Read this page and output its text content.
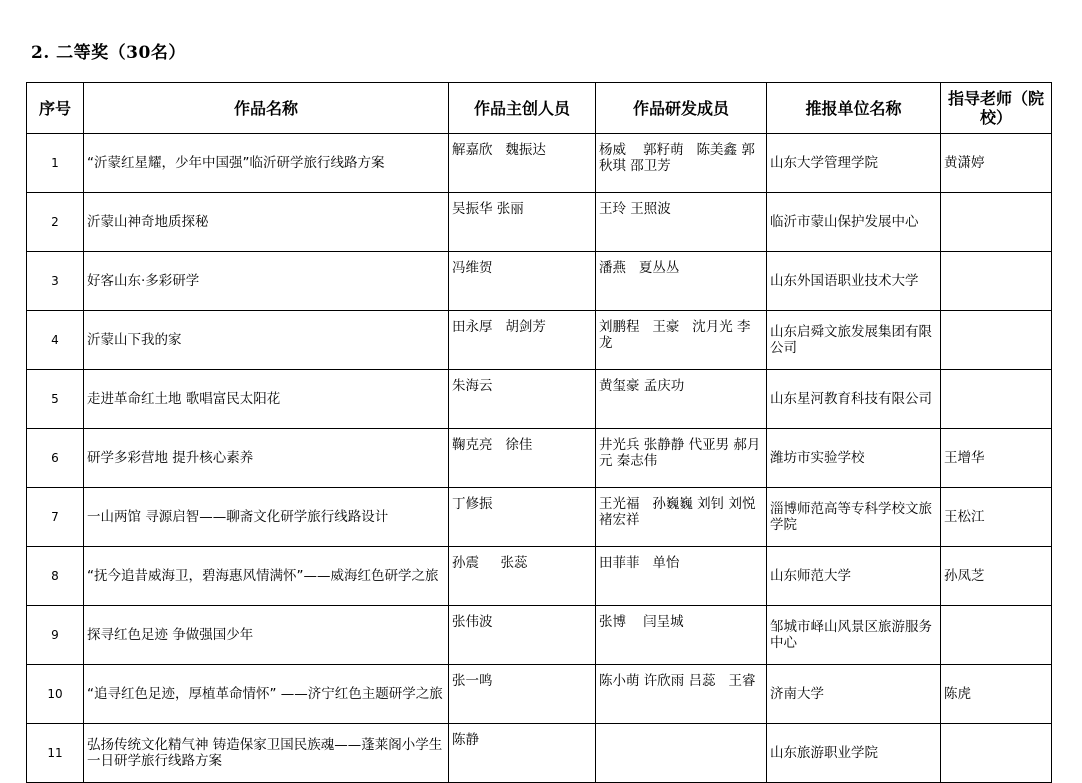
2. 二等奖（30名）
序号	作品名称	作品主创人员	作品研发成员	推报单位名称	指导老师（院校）
1	“沂蒙红星耀，少年中国强”临沂研学旅行线路方案	解嘉欣   魏振达	杨威    郭籽萌   陈美鑫 郭秋琪 邵卫芳	山东大学管理学院	黄潇婷
2	沂蒙山神奇地质探秘	吴振华 张丽	王玲 王照波	临沂市蒙山保护发展中心	
3	好客山东·多彩研学	冯维贺	潘燕   夏丛丛	山东外国语职业技术大学	
4	沂蒙山下我的家	田永厚   胡剑芳	刘鹏程   王豪   沈月光 李龙	山东启舜文旅发展集团有限公司	
5	走进革命红土地 歌唱富民太阳花	朱海云	黄玺豪 孟庆功	山东星河教育科技有限公司	
6	研学多彩营地 提升核心素养	鞠克亮   徐佳	井光兵 张静静 代亚男 郝月元 秦志伟	潍坊市实验学校	王增华
7	一山两馆 寻源启智——聊斋文化研学旅行线路设计	丁修振	王光福   孙巍巍 刘钊 刘悦    褚宏祥	淄博师范高等专科学校文旅学院	王松江
8	“抚今追昔威海卫，碧海惠风情满怀”——威海红色研学之旅	孙震     张蕊	田菲菲   单怡	山东师范大学	孙凤芝
9	探寻红色足迹 争做强国少年	张伟波	张博    闫呈城	邹城市峄山风景区旅游服务中心	
10	“追寻红色足迹，厚植革命情怀” ——济宁红色主题研学之旅	张一鸣	陈小萌 许欣雨 吕蕊   王睿	济南大学	陈虎
11	弘扬传统文化精气神 铸造保家卫国民族魂——蓬莱阁小学生一日研学旅行线路方案	陈静		山东旅游职业学院	
